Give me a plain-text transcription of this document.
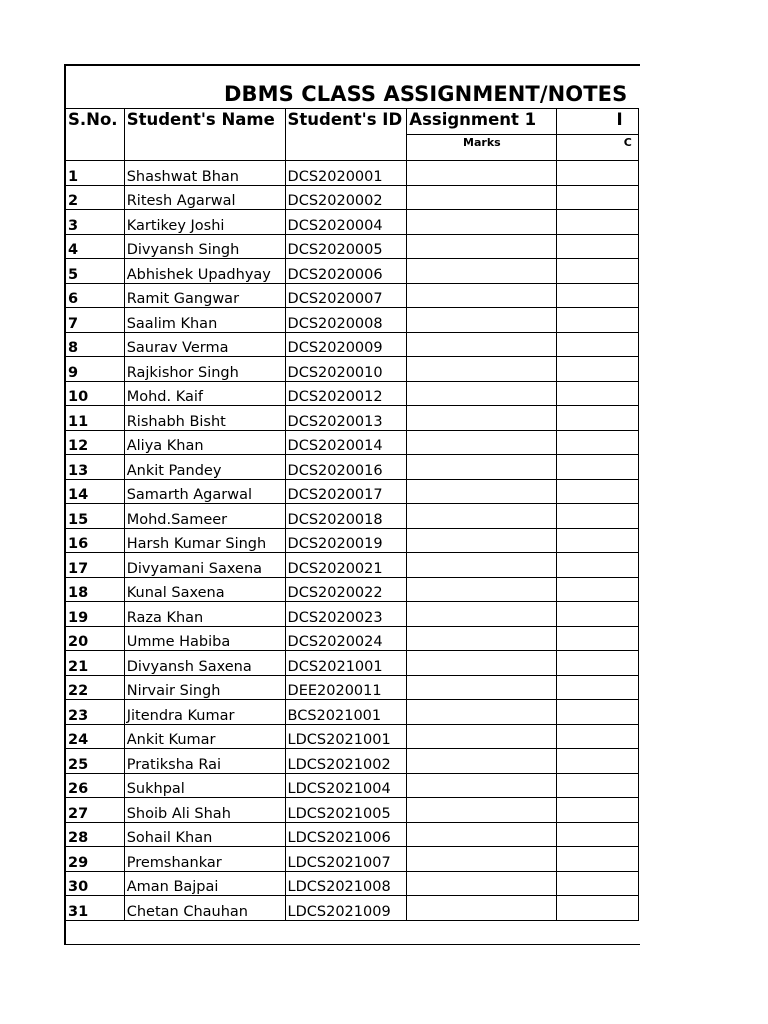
DBMS CLASS ASSIGNMENT/NOTES
S.No.	Student's Name	Student's ID	Assignment 1	I
			Marks	C
1	Shashwat Bhan	DCS2020001		
2	Ritesh Agarwal	DCS2020002		
3	Kartikey Joshi	DCS2020004		
4	Divyansh Singh	DCS2020005		
5	Abhishek Upadhyay	DCS2020006		
6	Ramit Gangwar	DCS2020007		
7	Saalim Khan	DCS2020008		
8	Saurav Verma	DCS2020009		
9	Rajkishor Singh	DCS2020010		
10	Mohd. Kaif	DCS2020012		
11	Rishabh Bisht	DCS2020013		
12	Aliya Khan	DCS2020014		
13	Ankit Pandey	DCS2020016		
14	Samarth Agarwal	DCS2020017		
15	Mohd.Sameer	DCS2020018		
16	Harsh Kumar Singh	DCS2020019		
17	Divyamani Saxena	DCS2020021		
18	Kunal Saxena	DCS2020022		
19	Raza Khan	DCS2020023		
20	Umme Habiba	DCS2020024		
21	Divyansh Saxena	DCS2021001		
22	Nirvair Singh	DEE2020011		
23	Jitendra Kumar	BCS2021001		
24	Ankit Kumar	LDCS2021001		
25	Pratiksha Rai	LDCS2021002		
26	Sukhpal	LDCS2021004		
27	Shoib Ali Shah	LDCS2021005		
28	Sohail Khan	LDCS2021006		
29	Premshankar	LDCS2021007		
30	Aman Bajpai	LDCS2021008		
31	Chetan Chauhan	LDCS2021009		
